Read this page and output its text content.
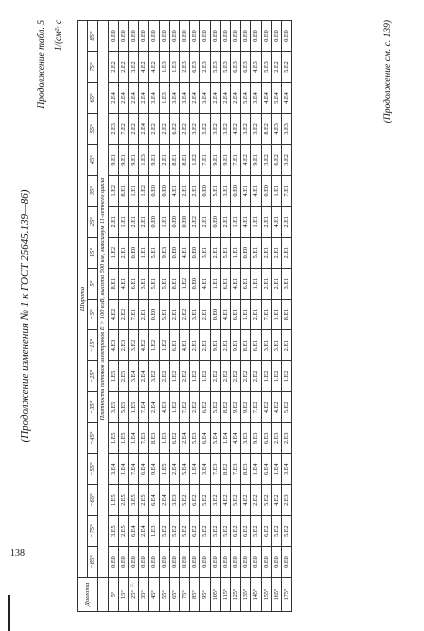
(Продолжение изменения № 1 к ГОСТ 25645.139—86)
Продолжение табл. 5 1/(см²· с
Долгота	Широта																	
	−85°	−75°	−65°	−55°	−45°	−35°	−25°	−15°	−5°	5°	15°	25°	35°	45°	55°	65°	75°	85°
	Плотности потоков электронов E > 100 кэВ, высота 500 км, максимум 11-летнего цикла																	
5°	0.E0	3.E5	1.E5	3.E4	1.E5	3.E5	1.E5	4.E3	4.E2	8.E1	1.E2	2.E1	1.E2	9.E1	2.E3	2.E4	2.E2	0.E0
15°	0.E0	2.E5	2.E5	1.E4	1.E5	5.E5	2.E5	2.E3	2.E2	4.E1	2.E1	1.E1	8.E1	9.E1	7.E2	2.E4	2.E2	0.E0
25°	0.E0	6.E4	3.E5	7.E4	1.E4	1.E5	3.E4	3.E2	7.E1	6.E1	0.E0	2.E1	1.E1	9.E1	2.E2	2.E4	3.E2	0.E0
35°	0.E0	2.E4	2.E5	6.E4	7.E3	7.E4	2.E4	4.E2	2.E1	3.E1	1.E1	2.E1	1.E2	1.E3	2.E4	2.E4	4.E2	0.E0
45°	0.E0	1.E3	6.E4	9.E4	8.E3	2.E4	3.E2	1.E2	0.E0	5.E1	5.E1	0.E0	0.E0	9.E1	2.E2	3.E4	4.E2	0.E0
55°	0.E0	5.E2	2.E4	1.E5	1.E3	4.E3	2.E2	1.E2	5.E1	5.E1	9.E3	1.E1	0.E0	2.E1	2.E2	1.E3	1.E3	0.E0
65°	0.E0	5.E2	3.E3	2.E4	6.E2	1.E2	1.E2	6.E1	2.E1	8.E1	0.E0	0.E0	4.E1	8.E1	6.E2	3.E4	1.E3	0.E0
75°	0.E0	5.E2	5.E2	5.E4	2.E4	7.E2	2.E2	4.E1	2.E2	1.E2	4.E1	0.E0	2.E1	8.E1	2.E2	3.E4	2.E3	0.E0
85°	0.E0	6.E2	6.E2	1.E4	5.E3	2.E2	1.E2	2.E1	3.E1	0.E0	0.E0	2.E2	2.E1	1.E2	3.E2	2.E4	6.E3	0.E0
95°	0.E0	5.E2	5.E2	3.E4	6.E4	6.E2	1.E2	2.E1	2.E1	4.E1	3.E1	2.E1	0.E0	7.E1	5.E2	3.E4	2.E3	0.E0
105°	0.E0	5.E2	3.E2	7.E3	5.E4	5.E2	2.E2	9.E1	0.E0	1.E1	2.E1	0.E0	5.E1	9.E1	3.E2	2.E4	5.E3	0.E0
115°	0.E0	5.E2	4.E2	8.E2	1.E4	8.E2	2.E2	2.E1	4.E1	6.E1	5.E1	2.E1	3.E1	9.E1	3.E2	2.E4	5.E3	0.E0
125°	0.E0	6.E2	5.E2	7.E3	4.E4	9.E2	2.E2	9.E1	6.E1	4.E1	1.E1	1.E1	0.E0	7.E1	4.E2	2.E4	6.E3	0.E0
135°	0.E0	6.E2	4.E2	8.E3	3.E3	9.E2	2.E2	8.E1	1.E1	6.E1	0.E0	4.E1	4.E1	4.E2	3.E2	5.E4	6.E3	0.E0
145°	0.E0	5.E2	2.E2	1.E4	9.E3	7.E2	2.E2	6.E1	2.E1	1.E1	5.E1	1.E1	4.E1	9.E1	3.E2	3.E4	4.E3	0.E0
155°	0.E0	6.E2	5.E2	6.E4	6.E3	4.E2	1.E2	3.E1	7.E1	2.E1	2.E1	2.E1	0.E0	3.E2	8.E2	4.E4	5.E3	0.E0
165°	0.E0	5.E2	4.E2	1.E4	2.E3	4.E2	1.E2	3.E1	1.E1	2.E1	2.E1	4.E1	1.E1	6.E2	4.E3	5.E4	2.E2	0.E0
175°	0.E0	5.E2	2.E3	3.E4	2.E3	5.E2	1.E2	2.E1	8.E1	3.E1	2.E1	2.E1	7.E1	3.E2	3.E3	4.E4	5.E2	0.E0	(Продолжение см. с. 139)
138
ᶜ⁽
